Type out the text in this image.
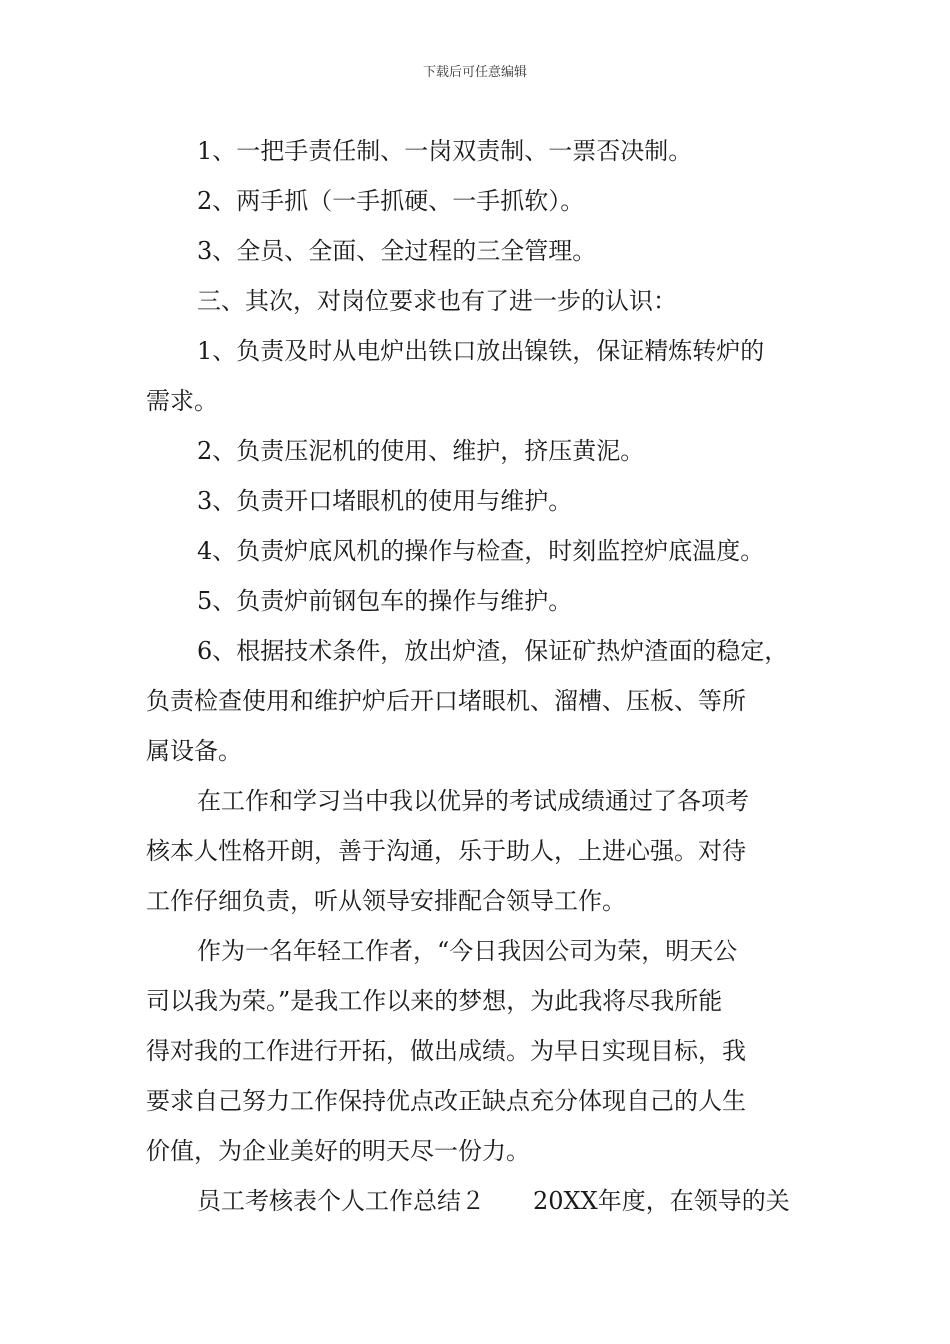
下载后可任意编辑
1、一把手责任制、一岗双责制、一票否决制。
2、两手抓（一手抓硬、一手抓软）。
3、全员、全面、全过程的三全管理。
三、其次，对岗位要求也有了进一步的认识：
1、负责及时从电炉出铁口放出镍铁，保证精炼转炉的
需求。
2、负责压泥机的使用、维护，挤压黄泥。
3、负责开口堵眼机的使用与维护。
4、负责炉底风机的操作与检查，时刻监控炉底温度。
5、负责炉前钢包车的操作与维护。
6、根据技术条件，放出炉渣，保证矿热炉渣面的稳定，
负责检查使用和维护炉后开口堵眼机、溜槽、压板、等所
属设备。
在工作和学习当中我以优异的考试成绩通过了各项考
核本人性格开朗，善于沟通，乐于助人，上进心强。对待
工作仔细负责，听从领导安排配合领导工作。
作为一名年轻工作者，“今日我因公司为荣，明天公
司以我为荣。”是我工作以来的梦想，为此我将尽我所能
得对我的工作进行开拓，做出成绩。为早日实现目标，我
要求自己努力工作保持优点改正缺点充分体现自己的人生
价值，为企业美好的明天尽一份力。
员工考核表个人工作总结２　　20XX年度，在领导的关
